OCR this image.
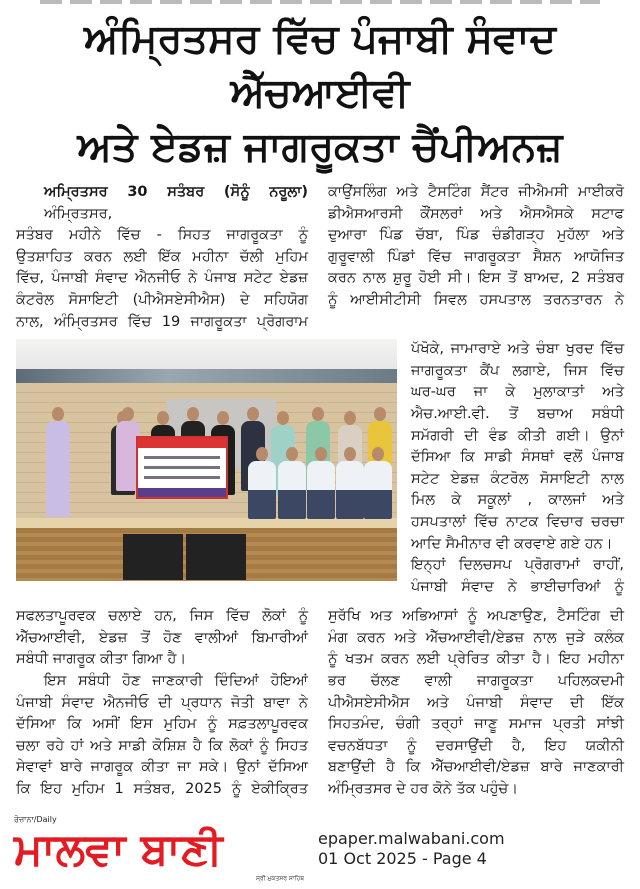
ਅੰਮ੍ਰਿਤਸਰ ਵਿੱਚ ਪੰਜਾਬੀ ਸੰਵਾਦ ਐੱਚਆਈਵੀ
ਅਤੇ ਏਡਜ਼ ਜਾਗਰੂਕਤਾ ਚੈਂਪੀਅਨਜ਼
ਅਮ੍ਰਿਤਸਰ 30 ਸਤੰਬਰ (ਸੋਨੂੰ ਨਰੂਲਾ) ਅੰਮ੍ਰਿਤਸਰ,
ਸਤੰਬਰ ਮਹੀਨੇ ਵਿੱਚ - ਸਿਹਤ ਜਾਗਰੂਕਤਾ ਨੂੰ
ਉਤਸ਼ਾਹਿਤ ਕਰਨ ਲਈ ਇੱਕ ਮਹੀਨਾ ਚੱਲੀ ਮੁਹਿਮ
ਵਿੱਚ, ਪੰਜਾਬੀ ਸੰਵਾਦ ਐਨਜੀਓ ਨੇ ਪੰਜਾਬ ਸਟੇਟ ਏਡਜ਼
ਕੰਟਰੋਲ ਸੋਸਾਇਟੀ (ਪੀਐਸਏਸੀਐਸ) ਦੇ ਸਹਿਯੋਗ
ਨਾਲ, ਅੰਮ੍ਰਿਤਸਰ ਵਿੱਚ 19 ਜਾਗਰੂਕਤਾ ਪ੍ਰੋਗਰਾਮ
ਕਾਉਂਸਲਿੰਗ ਅਤੇ ਟੈਸਟਿੰਗ ਸੈਂਟਰ ਜੀਐਮਸੀ ਮਾਈਕਰੋ
ਡੀਐਸਆਰਸੀ ਕੌਂਸਲਰਾਂ ਅਤੇ ਐਸਐਸਕੇ ਸਟਾਫ
ਦੁਆਰਾ ਪਿੰਡ ਚੱਬਾ, ਪਿੰਡ ਚੰਡੀਗੜ੍ਹ ਮੁਹੱਲਾ ਅਤੇ
ਗੁਰੂਵਾਲੀ ਪਿੰਡਾਂ ਵਿੱਚ ਜਾਗਰੂਕਤਾ ਸੈਸ਼ਨ ਆਯੋਜਿਤ
ਕਰਨ ਨਾਲ ਸ਼ੁਰੂ ਹੋਈ ਸੀ। ਇਸ ਤੋਂ ਬਾਅਦ, 2 ਸਤੰਬਰ
ਨੂੰ ਆਈਸੀਟੀਸੀ ਸਿਵਲ ਹਸਪਤਾਲ ਤਰਨਤਾਰਨ ਨੇ
ਪੱਖੋਕੇ, ਜਾਮਾਰਾਏ ਅਤੇ ਚੰਬਾ ਖੁਰਦ ਵਿੱਚ
ਜਾਗਰੂਕਤਾ ਕੈਂਪ ਲਗਾਏ, ਜਿਸ ਵਿੱਚ
ਘਰ-ਘਰ ਜਾ ਕੇ ਮੁਲਾਕਾਤਾਂ ਅਤੇ
ਐਚ.ਆਈ.ਵੀ. ਤੋਂ ਬਚਾਅ ਸਬੰਧੀ
ਸਮੱਗਰੀ ਦੀ ਵੰਡ ਕੀਤੀ ਗਈ। ਉਨਾਂ
ਦੱਸਿਆ ਕਿ ਸਾਡੀ ਸੰਸਥਾਂ ਵਲੋਂ ਪੰਜਾਬ
ਸਟੇਟ ਏਡਜ਼ ਕੰਟਰੋਲ ਸੋਸਾਇਟੀ ਨਾਲ
ਮਿਲ ਕੇ ਸਕੂਲਾਂ , ਕਾਲਜਾਂ ਅਤੇ
ਹਸਪਤਾਲਾਂ ਵਿੱਚ ਨਾਟਕ ਵਿਚਾਰ ਚਰਚਾ
ਆਦਿ ਸੈਮੀਨਾਰ ਵੀ ਕਰਵਾਏ ਗਏ ਹਨ।
ਇਨ੍ਹਾਂ ਦਿਲਚਸਪ ਪ੍ਰੋਗਰਾਮਾਂ ਰਾਹੀਂ,
ਪੰਜਾਬੀ ਸੰਵਾਦ ਨੇ ਭਾਈਚਾਰਿਆਂ ਨੂੰ
ਸਫਲਤਾਪੂਰਵਕ ਚਲਾਏ ਹਨ, ਜਿਸ ਵਿੱਚ ਲੋਕਾਂ ਨੂੰ
ਐੱਚਆਈਵੀ, ਏਡਜ਼ ਤੋਂ ਹੋਣ ਵਾਲੀਆਂ ਬਿਮਾਰੀਆਂ
ਸਬੰਧੀ ਜਾਗਰੂਕ ਕੀਤਾ ਗਿਆ ਹੈ।
ਇਸ ਸਬੰਧੀ ਹੋਣ ਜਾਣਕਾਰੀ ਦਿੰਦਿਆਂ ਹੋਇਆਂ
ਪੰਜਾਬੀ ਸੰਵਾਦ ਐਨਜੀਓ ਦੀ ਪ੍ਰਧਾਨ ਜੋਤੀ ਬਾਵਾ ਨੇ
ਦੱਸਿਆ ਕਿ ਅਸੀਂ ਇਸ ਮੁਹਿਮ ਨੂੰ ਸਫ਼ਤਲਾਪੂਰਵਕ
ਚਲਾ ਰਹੇ ਹਾਂ ਅਤੇ ਸਾਡੀ ਕੋਸ਼ਿਸ਼ ਹੈ ਕਿ ਲੋਕਾਂ ਨੂੰ ਸਿਹਤ
ਸੇਵਾਵਾਂ ਬਾਰੇ ਜਾਗਰੂਕ ਕੀਤਾ ਜਾ ਸਕੇ। ਉਨਾਂ ਦੱਸਿਆ
ਕਿ ਇਹ ਮੁਹਿਮ 1 ਸਤੰਬਰ, 2025 ਨੂੰ ਏਕੀਕ੍ਰਿਤ
ਸੁਰੱਖਿ ਅਤ ਅਭਿਆਸਾਂ ਨੂੰ ਅਪਣਾਉਣ, ਟੈਸਟਿੰਗ ਦੀ
ਮੰਗ ਕਰਨ ਅਤੇ ਐੱਚਆਈਵੀ/ਏਡਜ਼ ਨਾਲ ਜੁੜੇ ਕਲੰਕ
ਨੂੰ ਖਤਮ ਕਰਨ ਲਈ ਪ੍ਰੇਰਿਤ ਕੀਤਾ ਹੈ। ਇਹ ਮਹੀਨਾ
ਭਰ ਚੱਲਣ ਵਾਲੀ ਜਾਗਰੂਕਤਾ ਪਹਿਲਕਦਮੀ
ਪੀਐਸਏਸੀਐਸ ਅਤੇ ਪੰਜਾਬੀ ਸੰਵਾਦ ਦੀ ਇੱਕ
ਸਿਹਤਮੰਦ, ਚੰਗੀ ਤਰ੍ਹਾਂ ਜਾਣੂ ਸਮਾਜ ਪ੍ਰਤੀ ਸਾਂਝੀ
ਵਚਨਬੱਧਤਾ ਨੂੰ ਦਰਸਾਉਂਦੀ ਹੈ, ਇਹ ਯਕੀਨੀ
ਬਣਾਉਂਦੀ ਹੈ ਕਿ ਐੱਚਆਈਵੀ/ਏਡਜ਼ ਬਾਰੇ ਜਾਣਕਾਰੀ
ਅੰਮ੍ਰਿਤਸਰ ਦੇ ਹਰ ਕੋਨੇ ਤੱਕ ਪਹੁੰਚੇ।
ਰੋਜ਼ਾਨਾ/Daily
ਮਾਲਵਾ ਬਾਣੀ
ਸ੍ਰੀ ਮੁਕਤਸਰ ਸਾਹਿਬ
epaper.malwabani.com
01 Oct 2025 - Page 4
